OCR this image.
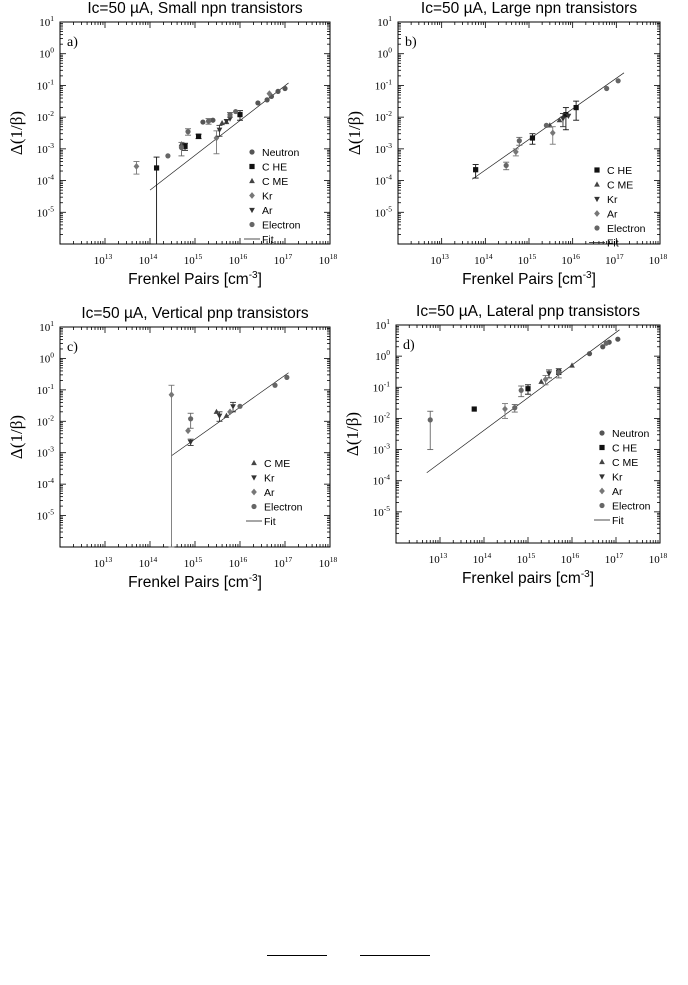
Ic=50 µA, Small npn transistors
$10^{13}$ $10^{14}$ $10^{15}$ $10^{16}$ $10^{17}$ $10^{18}$
$10^1$
$10^0$
$10^{-1}$
$10^{-2}$
$10^{-3}$
$10^{-4}$
$10^{-5}$
Frenkel Pairs $[cm^{-3}]$
Δ(1/β)
a)
Neutron
C HE
C ME
Kr
Ar
Electron
Fit
Ic=50 µA, Large npn transistors
$10^{13}$ $10^{14}$ $10^{15}$ $10^{16}$ $10^{17}$ $10^{18}$
$10^1$
$10^0$
$10^{-1}$
$10^{-2}$
$10^{-3}$
$10^{-4}$
$10^{-5}$
Frenkel Pairs $[cm^{-3}]$
Δ(1/β)
b)
C HE
C ME
Kr
Ar
Electron
Fit
Ic=50 µA, Vertical pnp transistors
$10^{13}$ $10^{14}$ $10^{15}$ $10^{16}$ $10^{17}$ $10^{18}$
$10^1$
$10^0$
$10^{-1}$
$10^{-2}$
$10^{-3}$
$10^{-4}$
$10^{-5}$
Frenkel Pairs $[cm^{-3}]$
Δ(1/β)
c)
C ME
Kr
Ar
Electron
Fit
Ic=50 µA, Lateral pnp transistors
$10^{13}$ $10^{14}$ $10^{15}$ $10^{16}$ $10^{17}$ $10^{18}$
$10^1$
$10^0$
$10^{-1}$
$10^{-2}$
$10^{-3}$
$10^{-4}$
$10^{-5}$
Frenkel pairs $[cm^{-3}]$
Δ(1/β)
d)
Neutron
C HE
C ME
Kr
Ar
Electron
Fit
